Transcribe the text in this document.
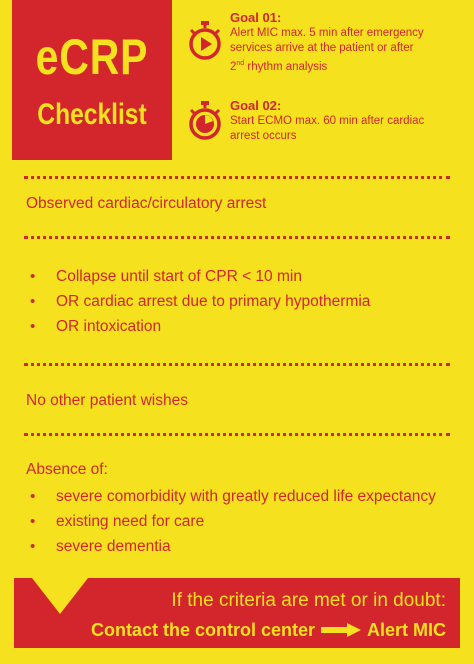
eCRP
Checklist
Goal 01:
Alert MIC max. 5 min after emergency
services arrive at the patient or after
2nd rhythm analysis
Goal 02:
Start ECMO max. 60 min after cardiac
arrest occurs
Observed cardiac/circulatory arrest
• Collapse until start of CPR < 10 min
• OR cardiac arrest due to primary hypothermia
• OR intoxication
No other patient wishes
Absence of:
• severe comorbidity with greatly reduced life expectancy
• existing need for care
• severe dementia
If the criteria are met or in doubt:
Contact the control center	Alert MIC
